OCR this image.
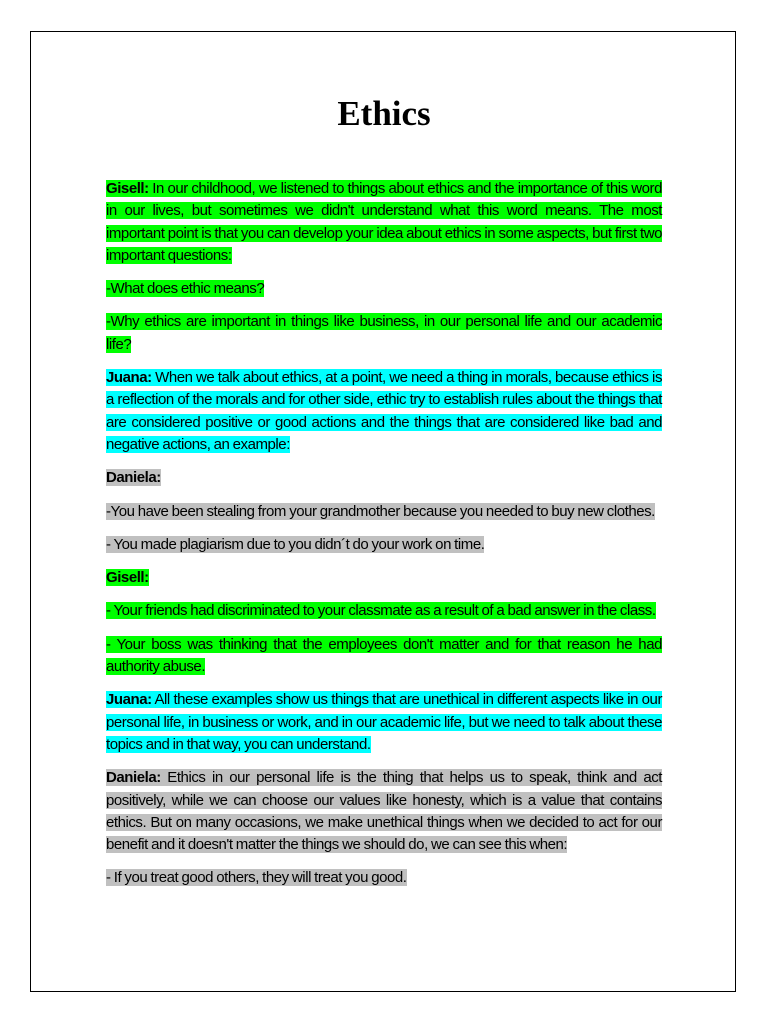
Ethics

Gisell: In our childhood, we listened to things about ethics and the importance of this word in our lives, but sometimes we didn't understand what this word means. The most important point is that you can develop your idea about ethics in some aspects, but first two important questions:

-What does ethic means?

-Why ethics are important in things like business, in our personal life and our academic life?

Juana: When we talk about ethics, at a point, we need a thing in morals, because ethics is a reflection of the morals and for other side, ethic try to establish rules about the things that are considered positive or good actions and the things that are considered like bad and negative actions, an example:

Daniela:

-You have been stealing from your grandmother because you needed to buy new clothes.

- You made plagiarism due to you didn´t do your work on time.

Gisell:

- Your friends had discriminated to your classmate as a result of a bad answer in the class.

- Your boss was thinking that the employees don't matter and for that reason he had authority abuse.

Juana: All these examples show us things that are unethical in different aspects like in our personal life, in business or work, and in our academic life, but we need to talk about these topics and in that way, you can understand.

Daniela: Ethics in our personal life is the thing that helps us to speak, think and act positively, while we can choose our values like honesty, which is a value that contains ethics. But on many occasions, we make unethical things when we decided to act for our benefit and it doesn't matter the things we should do, we can see this when:

- If you treat good others, they will treat you good.
